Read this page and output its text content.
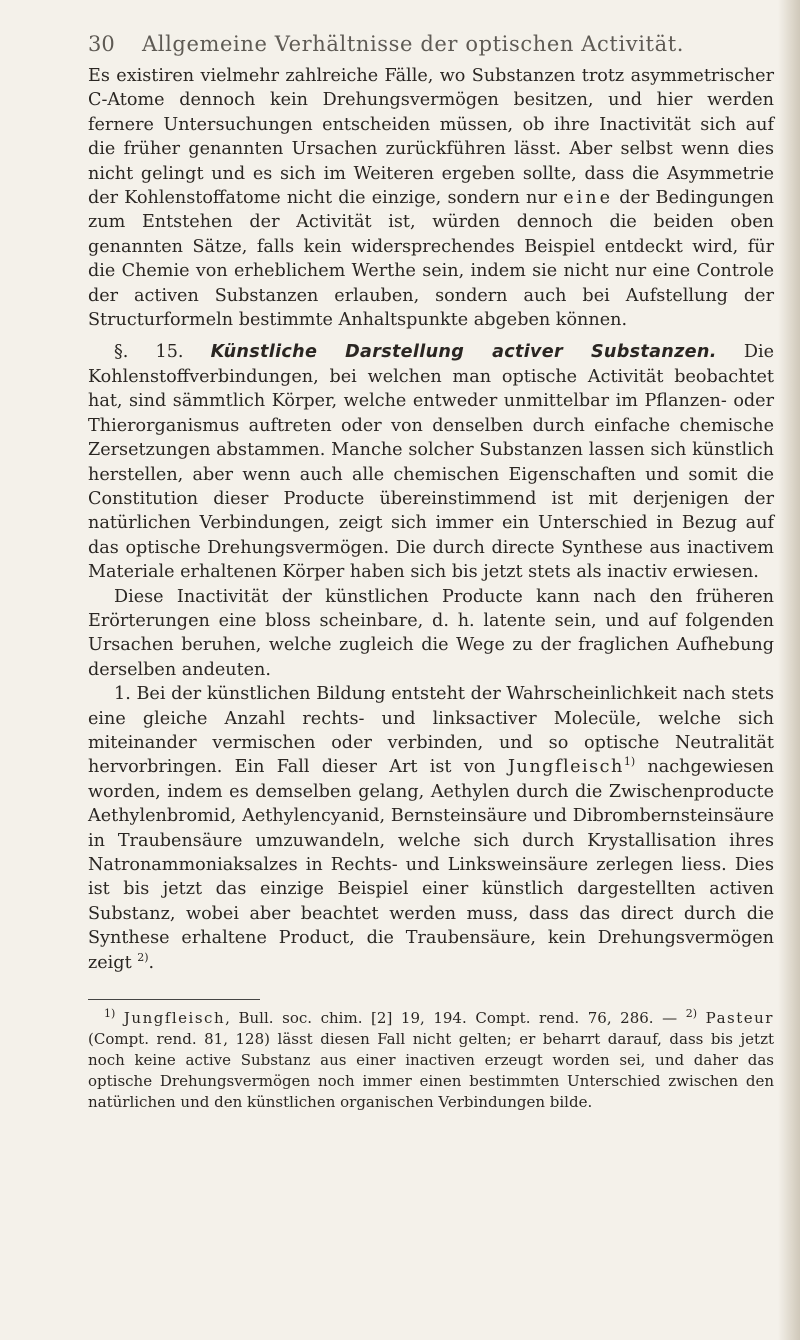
30 Allgemeine Verhältnisse der optischen Activität.

Es existiren vielmehr zahlreiche Fälle, wo Substanzen trotz asymmetrischer C-Atome dennoch kein Drehungsvermögen besitzen, und hier werden fernere Untersuchungen entscheiden müssen, ob ihre Inactivität sich auf die früher genannten Ursachen zurückführen lässt. Aber selbst wenn dies nicht gelingt und es sich im Weiteren ergeben sollte, dass die Asymmetrie der Kohlenstoffatome nicht die einzige, sondern nur eine der Bedingungen zum Entstehen der Activität ist, würden dennoch die beiden oben genannten Sätze, falls kein widersprechendes Beispiel entdeckt wird, für die Chemie von erheblichem Werthe sein, indem sie nicht nur eine Controle der activen Substanzen erlauben, sondern auch bei Aufstellung der Structurformeln bestimmte Anhaltspunkte abgeben können.

§. 15. Künstliche Darstellung activer Substanzen. Die Kohlenstoffverbindungen, bei welchen man optische Activität beobachtet hat, sind sämmtlich Körper, welche entweder unmittelbar im Pflanzen- oder Thierorganismus auftreten oder von denselben durch einfache chemische Zersetzungen abstammen. Manche solcher Substanzen lassen sich künstlich herstellen, aber wenn auch alle chemischen Eigenschaften und somit die Constitution dieser Producte übereinstimmend ist mit derjenigen der natürlichen Verbindungen, zeigt sich immer ein Unterschied in Bezug auf das optische Drehungsvermögen. Die durch directe Synthese aus inactivem Materiale erhaltenen Körper haben sich bis jetzt stets als inactiv erwiesen.

Diese Inactivität der künstlichen Producte kann nach den früheren Erörterungen eine bloss scheinbare, d. h. latente sein, und auf folgenden Ursachen beruhen, welche zugleich die Wege zu der fraglichen Aufhebung derselben andeuten.

1. Bei der künstlichen Bildung entsteht der Wahrscheinlichkeit nach stets eine gleiche Anzahl rechts- und linksactiver Molecüle, welche sich miteinander vermischen oder verbinden, und so optische Neutralität hervorbringen. Ein Fall dieser Art ist von Jungfleisch$^{1)}$ nachgewiesen worden, indem es demselben gelang, Aethylen durch die Zwischenproducte Aethylenbromid, Aethylencyanid, Bernsteinsäure und Dibrombernsteinsäure in Traubensäure umzuwandeln, welche sich durch Krystallisation ihres Natronammoniaksalzes in Rechts- und Linksweinsäure zerlegen liess. Dies ist bis jetzt das einzige Beispiel einer künstlich dargestellten activen Substanz, wobei aber beachtet werden muss, dass das direct durch die Synthese erhaltene Product, die Traubensäure, kein Drehungsvermögen zeigt $^{2)}$.

$^{1)}$ Jungfleisch, Bull. soc. chim. [2] 19, 194. Compt. rend. 76, 286. — $^{2)}$ Pasteur (Compt. rend. 81, 128) lässt diesen Fall nicht gelten; er beharrt darauf, dass bis jetzt noch keine active Substanz aus einer inactiven erzeugt worden sei, und daher das optische Drehungsvermögen noch immer einen bestimmten Unterschied zwischen den natürlichen und den künstlichen organischen Verbindungen bilde.
